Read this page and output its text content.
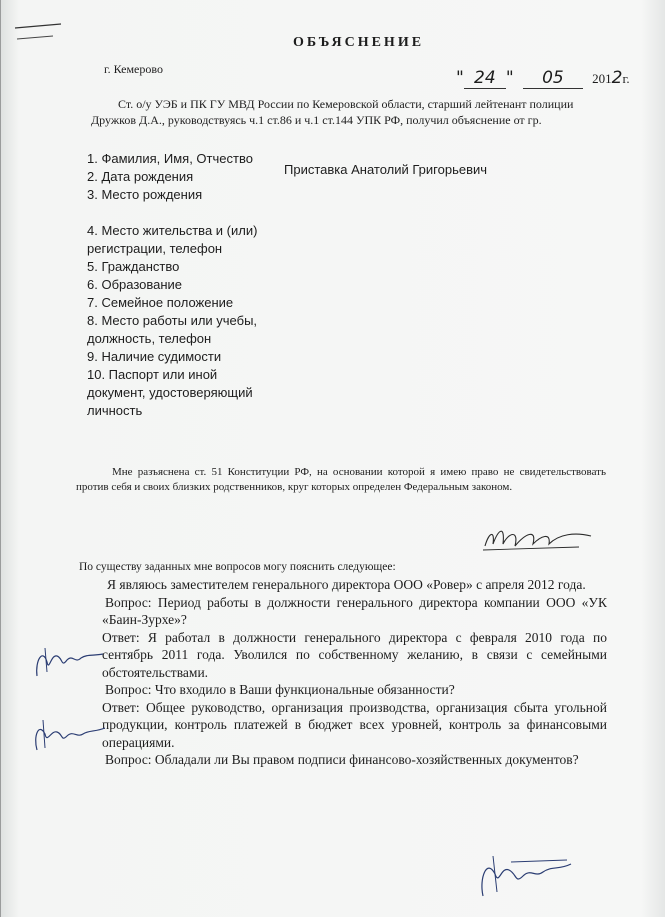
ОБЪЯСНЕНИЕ
г. Кемерово	" 24 " 05 2012г.
Ст. о/у УЭБ и ПК ГУ МВД России по Кемеровской области, старший лейтенант полиции Дружков Д.А., руководствуясь ч.1 ст.86 и ч.1 ст.144 УПК РФ, получил объяснение от гр.
1. Фамилия, Имя, Отчество
2. Дата рождения
3. Место рождения
4. Место жительства и (или) регистрации, телефон
5. Гражданство
6. Образование
7. Семейное положение
8. Место работы или учебы, должность, телефон
9. Наличие судимости
10. Паспорт или иной документ, удостоверяющий личность
Приставка Анатолий Григорьевич
Мне разъяснена ст. 51 Конституции РФ, на основании которой я имею право не свидетельствовать против себя и своих близких родственников, круг которых определен Федеральным законом.
По существу заданных мне вопросов могу пояснить следующее:

Я являюсь заместителем генерального директора ООО «Ровер» с апреля 2012 года.

Вопрос: Период работы в должности генерального директора компании ООО «УК «Баин-Зурхе»?

Ответ: Я работал в должности генерального директора с февраля 2010 года по сентябрь 2011 года. Уволился по собственному желанию, в связи с семейными обстоятельствами.

Вопрос: Что входило в Ваши функциональные обязанности?

Ответ: Общее руководство, организация производства, организация сбыта угольной продукции, контроль платежей в бюджет всех уровней, контроль за финансовыми операциями.

Вопрос: Обладали ли Вы правом подписи финансово-хозяйственных документов?
